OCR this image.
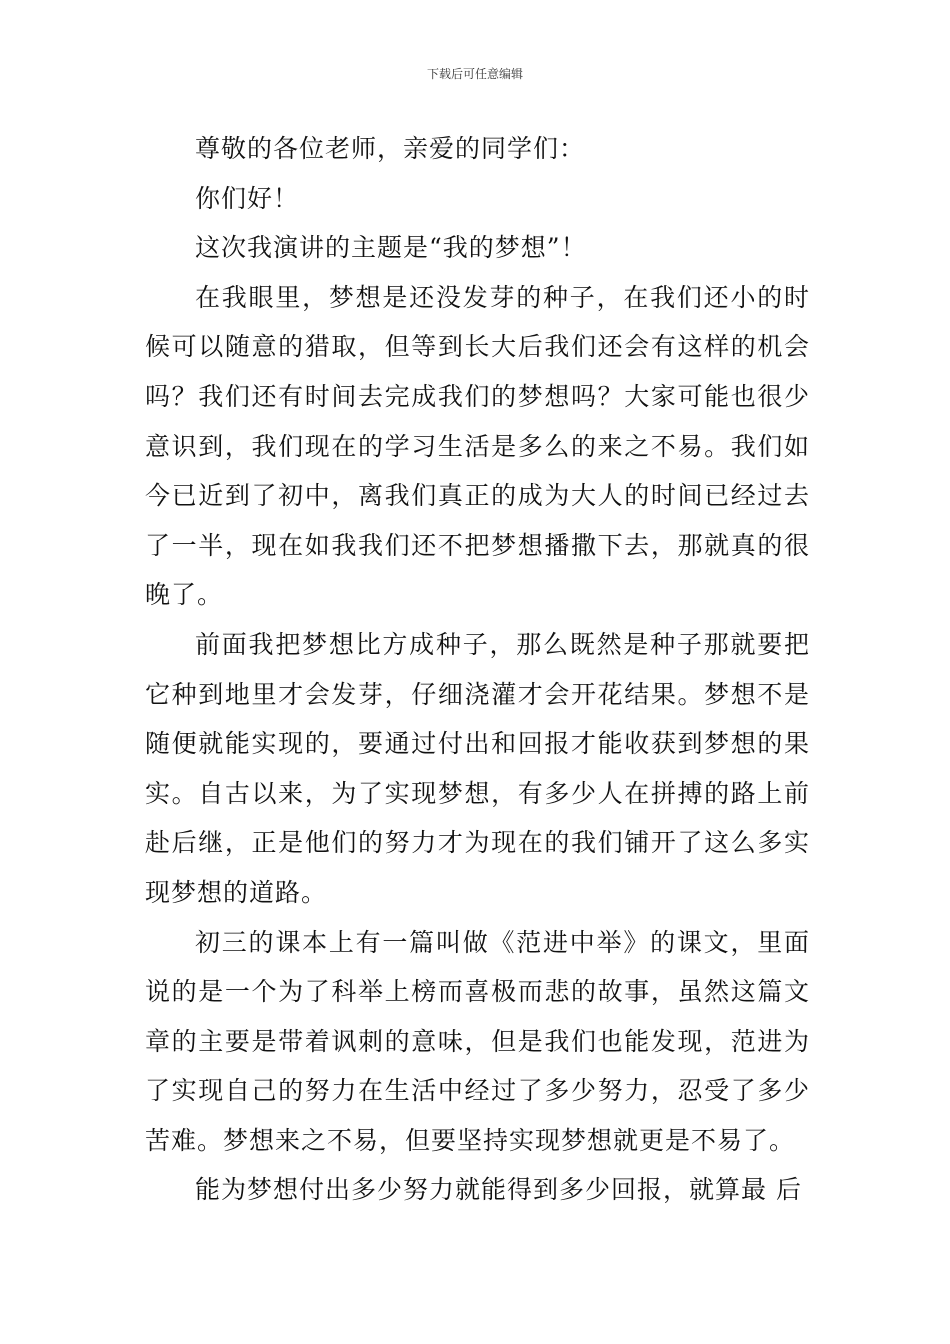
下载后可任意编辑

尊敬的各位老师，亲爱的同学们：

你们好！

这次我演讲的主题是“我的梦想”！

在我眼里，梦想是还没发芽的种子，在我们还小的时候可以随意的猎取，但等到长大后我们还会有这样的机会吗？我们还有时间去完成我们的梦想吗？大家可能也很少意识到，我们现在的学习生活是多么的来之不易。我们如今已近到了初中，离我们真正的成为大人的时间已经过去了一半，现在如我我们还不把梦想播撒下去，那就真的很晚了。

前面我把梦想比方成种子，那么既然是种子那就要把它种到地里才会发芽，仔细浇灌才会开花结果。梦想不是随便就能实现的，要通过付出和回报才能收获到梦想的果实。自古以来，为了实现梦想，有多少人在拼搏的路上前赴后继，正是他们的努力才为现在的我们铺开了这么多实现梦想的道路。

初三的课本上有一篇叫做《范进中举》的课文，里面说的是一个为了科举上榜而喜极而悲的故事，虽然这篇文章的主要是带着讽刺的意味，但是我们也能发现，范进为了实现自己的努力在生活中经过了多少努力，忍受了多少苦难。梦想来之不易，但要坚持实现梦想就更是不易了。

能为梦想付出多少努力就能得到多少回报，就算最 后
